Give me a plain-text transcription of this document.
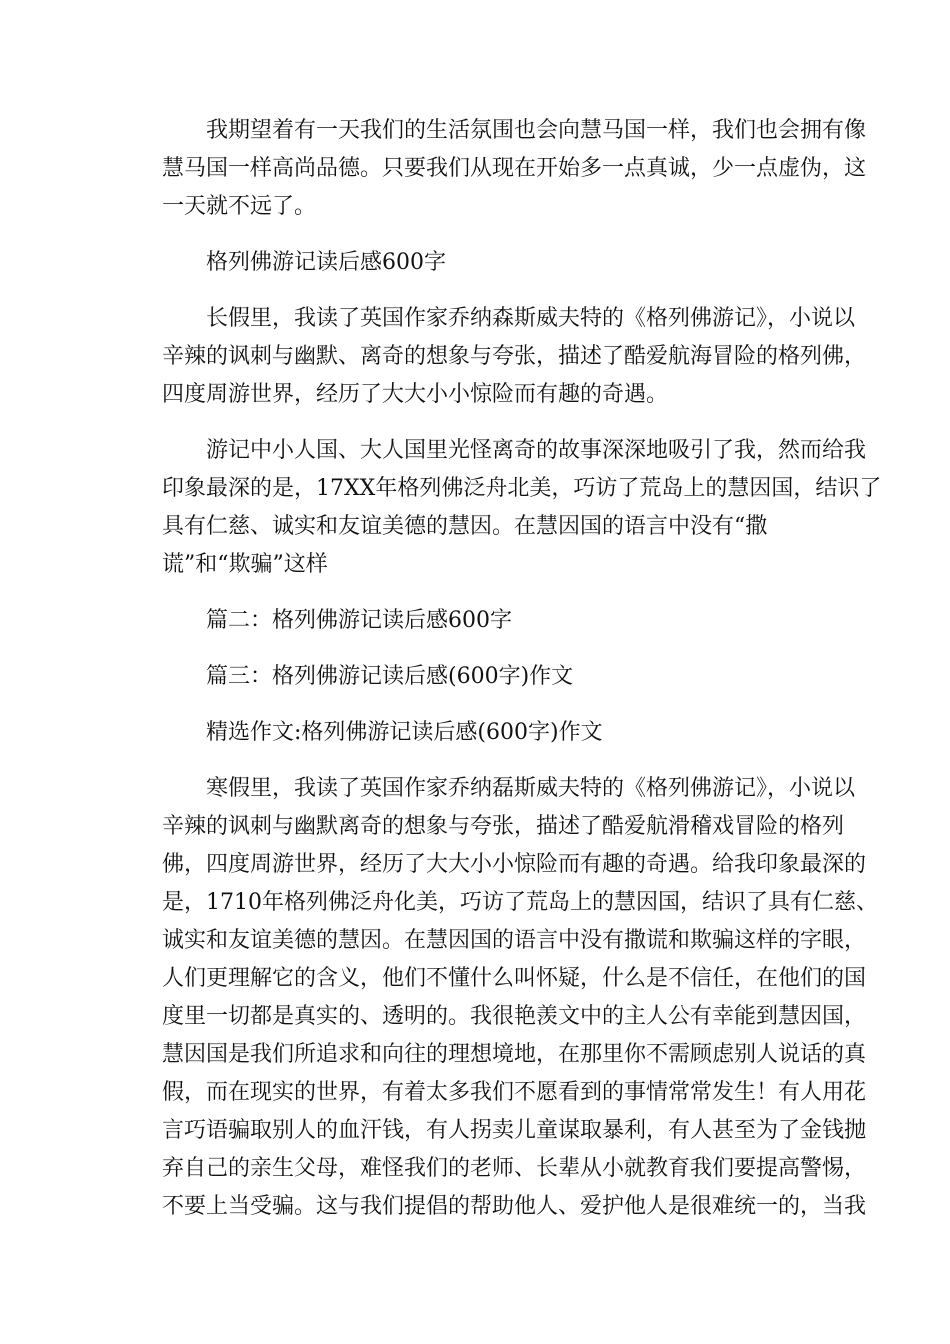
我期望着有一天我们的生活氛围也会向慧马国一样，我们也会拥有像
慧马国一样高尚品德。只要我们从现在开始多一点真诚，少一点虚伪，这
一天就不远了。
格列佛游记读后感600字
长假里，我读了英国作家乔纳森斯威夫特的《格列佛游记》，小说以
辛辣的讽刺与幽默、离奇的想象与夸张，描述了酷爱航海冒险的格列佛，
四度周游世界，经历了大大小小惊险而有趣的奇遇。
游记中小人国、大人国里光怪离奇的故事深深地吸引了我，然而给我
印象最深的是，17XX年格列佛泛舟北美，巧访了荒岛上的慧因国，结识了
具有仁慈、诚实和友谊美德的慧因。在慧因国的语言中没有“撒
谎”和“欺骗”这样
篇二：格列佛游记读后感600字
篇三：格列佛游记读后感(600字)作文
精选作文:格列佛游记读后感(600字)作文
寒假里，我读了英国作家乔纳磊斯威夫特的《格列佛游记》，小说以
辛辣的讽刺与幽默离奇的想象与夸张，描述了酷爱航滑稽戏冒险的格列
佛，四度周游世界，经历了大大小小惊险而有趣的奇遇。给我印象最深的
是，1710年格列佛泛舟化美，巧访了荒岛上的慧因国，结识了具有仁慈、
诚实和友谊美德的慧因。在慧因国的语言中没有撒谎和欺骗这样的字眼，
人们更理解它的含义，他们不懂什么叫怀疑，什么是不信任，在他们的国
度里一切都是真实的、透明的。我很艳羡文中的主人公有幸能到慧因国，
慧因国是我们所追求和向往的理想境地，在那里你不需顾虑别人说话的真
假，而在现实的世界，有着太多我们不愿看到的事情常常发生！有人用花
言巧语骗取别人的血汗钱，有人拐卖儿童谋取暴利，有人甚至为了金钱抛
弃自己的亲生父母，难怪我们的老师、长辈从小就教育我们要提高警惕，
不要上当受骗。这与我们提倡的帮助他人、爱护他人是很难统一的，当我
